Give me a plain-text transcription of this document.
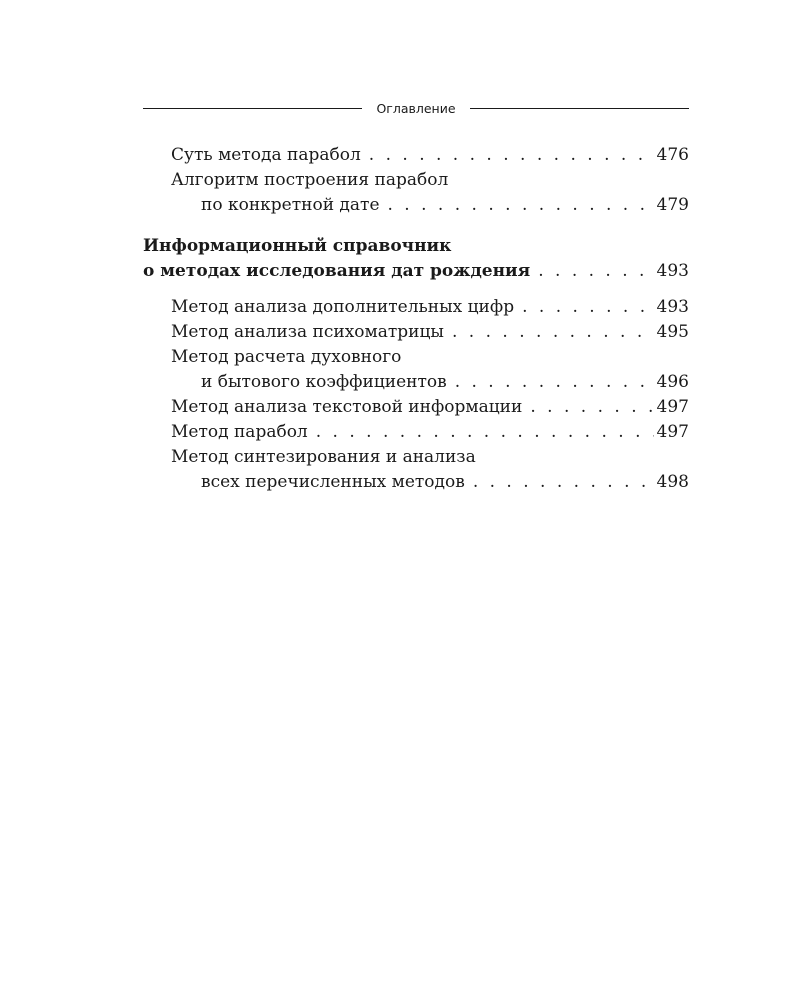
Оглавление
Суть метода парабол . . .	476
Алгоритм построения парабол
по конкретной дате . . .	479
Информационный справочник
о методах исследования дат рождения . . .	493
Метод анализа дополнительных цифр . . .	493
Метод анализа психоматрицы . . .	495
Метод расчета духовного
и бытового коэффициентов . . .	496
Метод анализа текстовой информации . . .	497
Метод парабол . . .	497
Метод синтезирования и анализа
всех перечисленных методов . . .	498
